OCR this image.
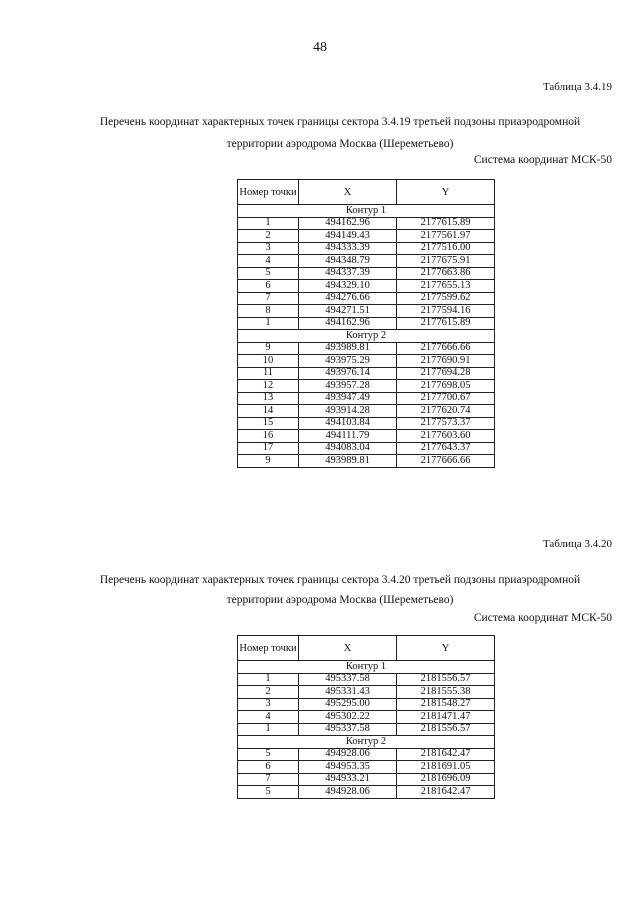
48
Таблица 3.4.19
Перечень координат характерных точек границы сектора 3.4.19 третьей подзоны приаэродромной
территории аэродрома Москва (Шереметьево)
Система координат МСК-50
Номер точки	X	Y
Контур 1		
1	494162.96	2177615.89
2	494149.43	2177561.97
3	494333.39	2177516.00
4	494348.79	2177675.91
5	494337.39	2177663.86
6	494329.10	2177655.13
7	494276.66	2177599.62
8	494271.51	2177594.16
1	494162.96	2177615.89
Контур 2		
9	493989.81	2177666.66
10	493975.29	2177690.91
11	493976.14	2177694.28
12	493957.28	2177698.05
13	493947.49	2177700.67
14	493914.28	2177620.74
15	494103.84	2177573.37
16	494111.79	2177603.60
17	494083.04	2177643.37
9	493989.81	2177666.66
Таблица 3.4.20
Перечень координат характерных точек границы сектора 3.4.20 третьей подзоны приаэродромной
территории аэродрома Москва (Шереметьево)
Система координат МСК-50
Номер точки	X	Y
Контур 1		
1	495337.58	2181556.57
2	495331.43	2181555.38
3	495295.00	2181548.27
4	495302.22	2181471.47
1	495337.58	2181556.57
Контур 2		
5	494928.06	2181642.47
6	494953.35	2181691.05
7	494933.21	2181696.09
5	494928.06	2181642.47
